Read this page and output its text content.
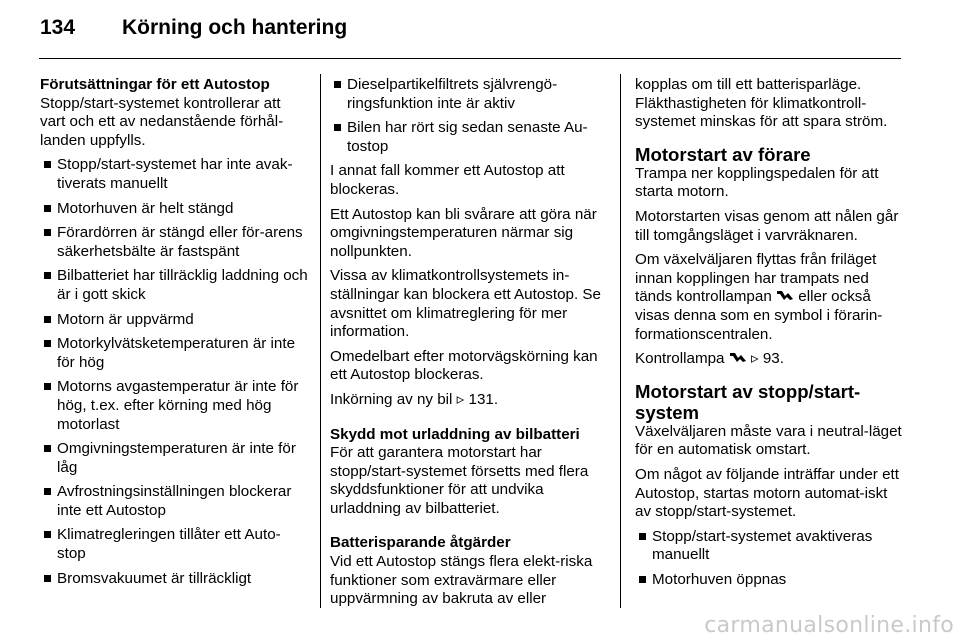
134	Körning och hantering

Förutsättningar för ett Autostop

Stopp/start-systemet kontrollerar att vart och ett av nedanstående förhål-landen uppfylls.

Stopp/start-systemet har inte avak-tiverats manuellt
Motorhuven är helt stängd
Förardörren är stängd eller för-arens säkerhetsbälte är fastspänt
Bilbatteriet har tillräcklig laddning och är i gott skick
Motorn är uppvärmd
Motorkylvätsketemperaturen är inte för hög
Motorns avgastemperatur är inte för hög, t.ex. efter körning med hög motorlast
Omgivningstemperaturen är inte för låg
Avfrostningsinställningen blockerar inte ett Autostop
Klimatregleringen tillåter ett Auto-stop
Bromsvakuumet är tillräckligt
Dieselpartikelfiltrets självrengö-ringsfunktion inte är aktiv
Bilen har rört sig sedan senaste Au-tostop

I annat fall kommer ett Autostop att blockeras.

Ett Autostop kan bli svårare att göra när omgivningstemperaturen närmar sig nollpunkten.

Vissa av klimatkontrollsystemets in-ställningar kan blockera ett Autostop. Se avsnittet om klimatreglering för mer information.

Omedelbart efter motorvägskörning kan ett Autostop blockeras.

Inkörning av ny bil ▹ 131.

Skydd mot urladdning av bilbatteri

För att garantera motorstart har stopp/start-systemet försetts med flera skyddsfunktioner för att undvika urladdning av bilbatteriet.

Batterisparande åtgärder

Vid ett Autostop stängs flera elekt-riska funktioner som extravärmare eller uppvärmning av bakruta av eller

kopplas om till ett batterisparläge. Fläkthastigheten för klimatkontroll-systemet minskas för att spara ström.

Motorstart av förare

Trampa ner kopplingspedalen för att starta motorn.

Motorstarten visas genom att nålen går till tomgångsläget i varvräknaren.

Om växelväljaren flyttas från friläget innan kopplingen har trampats ned tänds kontrollampan eller också visas denna som en symbol i förarin-formationscentralen.

Kontrollampa ▹ 93.

Motorstart av stopp/start-system

Växelväljaren måste vara i neutral-läget för en automatisk omstart.

Om något av följande inträffar under ett Autostop, startas motorn automat-iskt av stopp/start-systemet.

Stopp/start-systemet avaktiveras manuellt
Motorhuven öppnas
carmanualsonline.info
